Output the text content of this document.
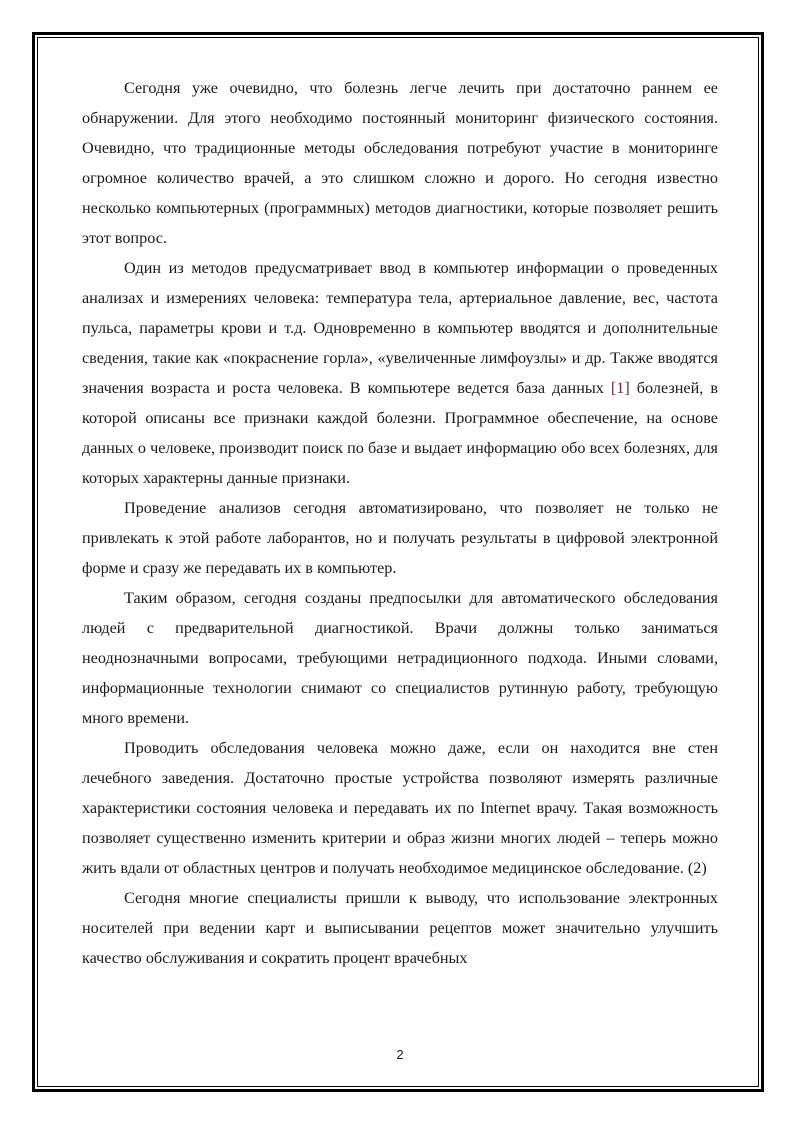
Сегодня уже очевидно, что болезнь легче лечить при достаточно раннем ее обнаружении. Для этого необходимо постоянный мониторинг физического состояния. Очевидно, что традиционные методы обследования потребуют участие в мониторинге огромное количество врачей, а это слишком сложно и дорого. Но сегодня известно несколько компьютерных (программных) методов диагностики, которые позволяет решить этот вопрос.

Один из методов предусматривает ввод в компьютер информации о проведенных анализах и измерениях человека: температура тела, артериальное давление, вес, частота пульса, параметры крови и т.д. Одновременно в компьютер вводятся и дополнительные сведения, такие как «покраснение горла», «увеличенные лимфоузлы» и др. Также вводятся значения возраста и роста человека. В компьютере ведется база данных [1] болезней, в которой описаны все признаки каждой болезни. Программное обеспечение, на основе данных о человеке, производит поиск по базе и выдает информацию обо всех болезнях, для которых характерны данные признаки.

Проведение анализов сегодня автоматизировано, что позволяет не только не привлекать к этой работе лаборантов, но и получать результаты в цифровой электронной форме и сразу же передавать их в компьютер.

Таким образом, сегодня созданы предпосылки для автоматического обследования людей с предварительной диагностикой. Врачи должны только заниматься неоднозначными вопросами, требующими нетрадиционного подхода. Иными словами, информационные технологии снимают со специалистов рутинную работу, требующую много времени.

Проводить обследования человека можно даже, если он находится вне стен лечебного заведения. Достаточно простые устройства позволяют измерять различные характеристики состояния человека и передавать их по Internet врачу. Такая возможность позволяет существенно изменить критерии и образ жизни многих людей – теперь можно жить вдали от областных центров и получать необходимое медицинское обследование. (2)

Сегодня многие специалисты пришли к выводу, что использование электронных носителей при ведении карт и выписывании рецептов может значительно улучшить качество обслуживания и сократить процент врачебных

2
